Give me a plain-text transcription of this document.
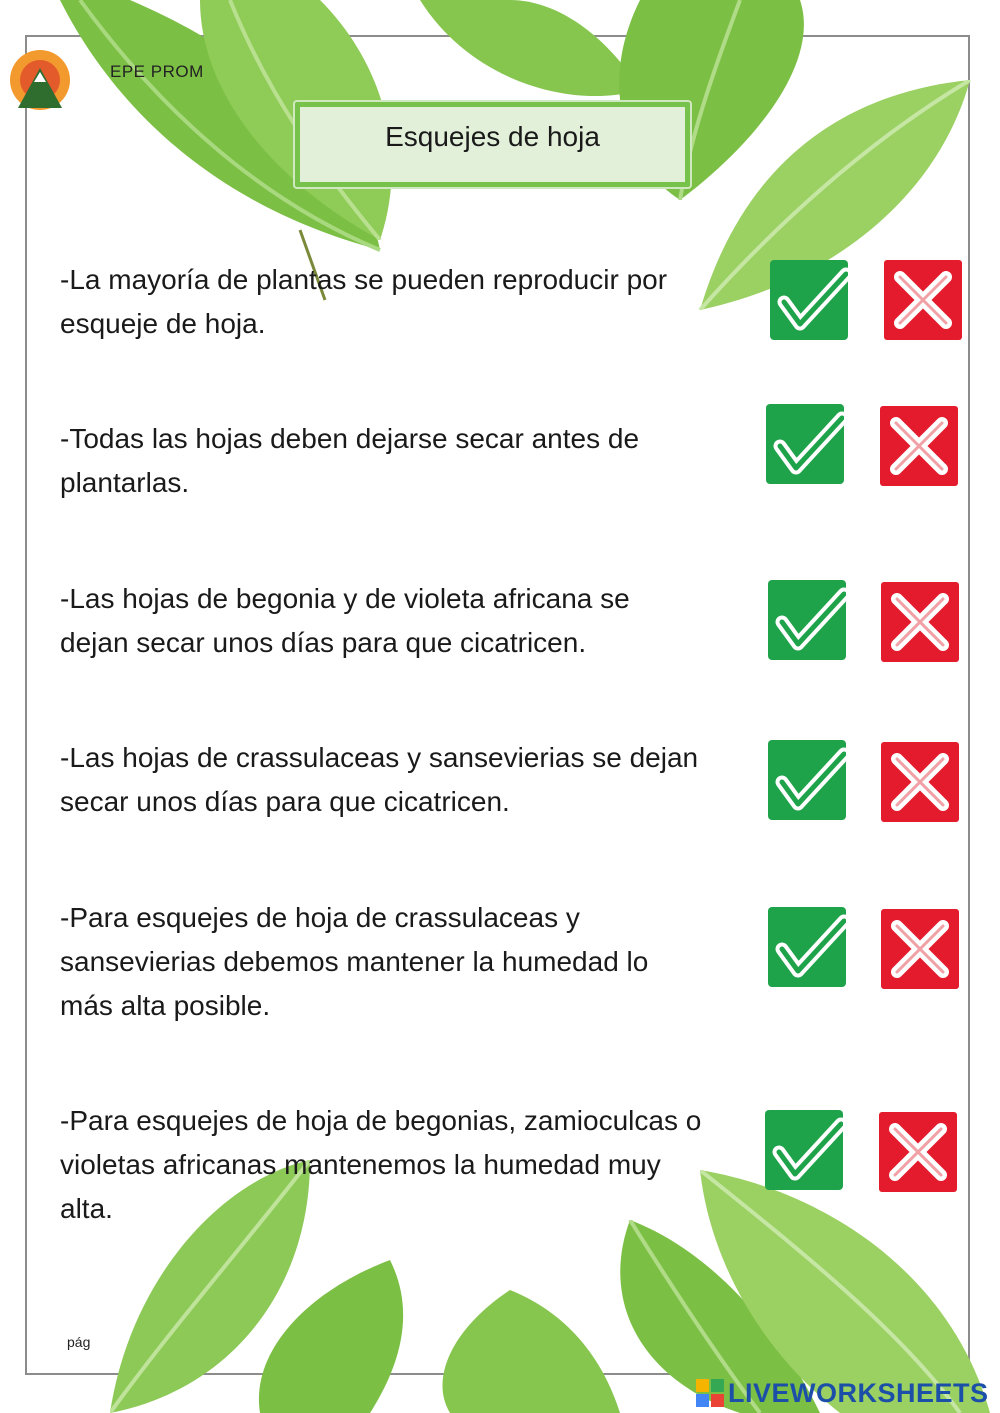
EPE PROM
Esquejes de hoja
-La mayoría de plantas se pueden reproducir por
esqueje de hoja.
-Todas las hojas deben dejarse secar antes de
plantarlas.
-Las hojas de begonia y de violeta africana se
dejan secar unos días para que cicatricen.
-Las hojas de crassulaceas y sansevierias se dejan
secar unos días para que cicatricen.
-Para esquejes de hoja de crassulaceas y
sansevierias debemos mantener la humedad lo
más alta posible.
-Para esquejes de hoja de begonias, zamioculcas o
violetas africanas mantenemos la humedad muy
alta.
pág
LIVEWORKSHEETS
